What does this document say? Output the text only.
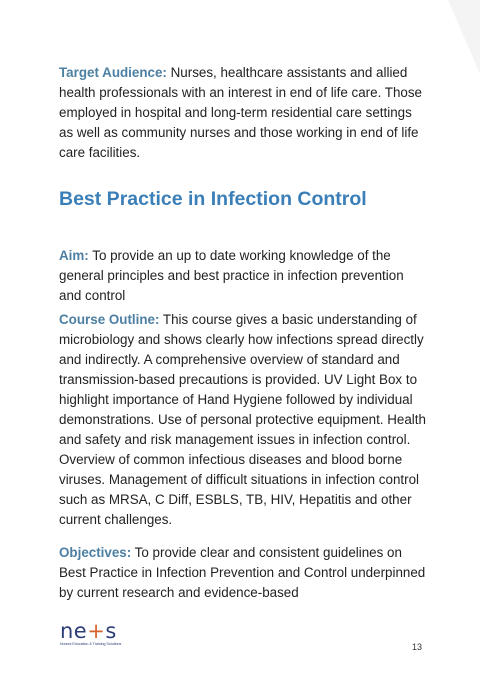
Target Audience: Nurses, healthcare assistants and allied health professionals with an interest in end of life care. Those employed in hospital and long-term residential care settings as well as community nurses and those working in end of life care facilities.

Best Practice in Infection Control

Aim: To provide an up to date working knowledge of the general principles and best practice in infection prevention and control

Course Outline: This course gives a basic understanding of microbiology and shows clearly how infections spread directly and indirectly. A comprehensive overview of standard and transmission-based precautions is provided. UV Light Box to highlight importance of Hand Hygiene followed by individual demonstrations. Use of personal protective equipment. Health and safety and risk management issues in infection control. Overview of common infectious diseases and blood borne viruses. Management of difficult situations in infection control such as MRSA, C Diff, ESBLS, TB, HIV, Hepatitis and other current challenges.

Objectives: To provide clear and consistent guidelines on Best Practice in Infection Prevention and Control underpinned by current research and evidence-based

ne+s
Nurses Education & Training Solutions	13
